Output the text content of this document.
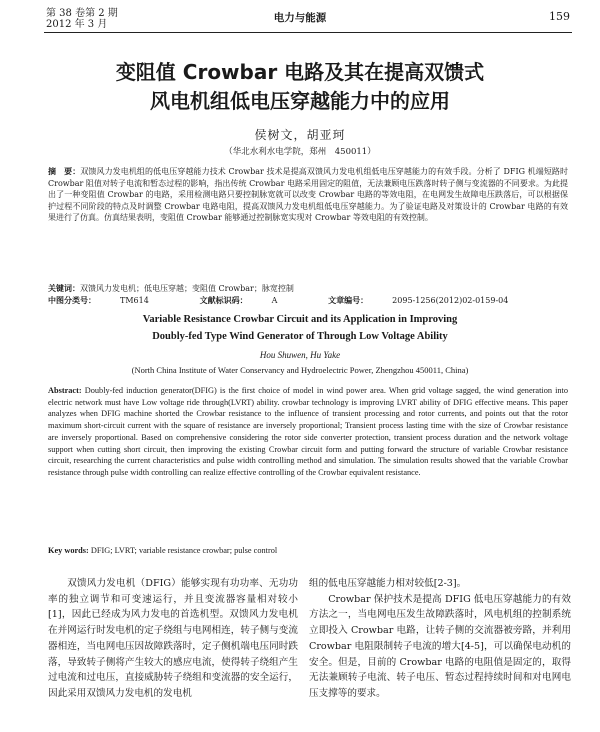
第 38 卷第 2 期
2012 年 3 月
电力与能源	159
变阻值 Crowbar 电路及其在提高双馈式
风电机组低电压穿越能力中的应用
侯树文，胡亚珂
（华北水利水电学院，郑州　450011）
摘　要：双馈风力发电机组的低电压穿越能力技术 Crowbar 技术是提高双馈风力发电机组低电压穿越能力的有效手段。分析了 DFIG 机端短路时 Crowbar 阻值对转子电流和暂态过程的影响，指出传统 Crowbar 电路采用固定的阻值，无法兼顾电压跌落时转子侧与变流器的不同要求。为此提出了一种变阻值 Crowbar 的电路，采用检测电路只要控制脉宽就可以改变 Crowbar 电路的等效电阻，在电网发生故障电压跌落后，可以根据保护过程不同阶段的特点及时调整 Crowbar 电路电阻，提高双馈风力发电机组低电压穿越能力。为了验证电路及对策设计的 Crowbar 电路的有效果进行了仿真。仿真结果表明，变阻值 Crowbar 能够通过控制脉宽实现对 Crowbar 等效电阻的有效控制。
关键词：双馈风力发电机；低电压穿越；变阻值 Crowbar；脉宽控制
中图分类号：	TM614	文献标识码：	A	文章编号：	2095-1256(2012)02-0159-04
Variable Resistance Crowbar Circuit and its Application in Improving
Doubly-fed Type Wind Generator of Through Low Voltage Ability
Hou Shuwen, Hu Yake
(North China Institute of Water Conservancy and Hydroelectric Power, Zhengzhou 450011, China)
Abstract: Doubly-fed induction generator(DFIG) is the first choice of model in wind power area. When grid voltage sagged, the wind generation into electric network must have Low voltage ride through(LVRT) ability. crowbar technology is improving LVRT ability of DFIG effective means. This paper analyzes when DFIG machine shorted the Crowbar resistance to the influence of transient processing and rotor currents, and points out that the rotor maximum short-circuit current with the square of resistance are inversely proportional; Transient process lasting time with the size of Crowbar resistance are inversely proportional. Based on comprehensive considering the rotor side converter protection, transient process duration and the network voltage support when cutting short circuit, then improving the existing Crowbar circuit form and putting forward the structure of variable Crowbar resistance circuit, researching the current characteristics and pulse width controlling method and simulation. The simulation results showed that the variable Crowbar resistance through pulse width controlling can realize effective controlling of the Crowbar equivalent resistance.
Key words: DFIG; LVRT; variable resistance crowbar; pulse control

双馈风力发电机（DFIG）能够实现有功功率、无功功率的独立调节和可变速运行，并且变流器容量相对较小[1]，因此已经成为风力发电的首选机型。双馈风力发电机在并网运行时发电机的定子绕组与电网相连，转子侧与变流器相连，当电网电压因故障跌落时，定子侧机端电压同时跌落，导致转子侧将产生较大的感应电流，使得转子绕组产生过电流和过电压，直接威胁转子绕组和变流器的安全运行，因此采用双馈风力发电机的发电机

组的低电压穿越能力相对较低[2-3]。

Crowbar 保护技术是提高 DFIG 低电压穿越能力的有效方法之一，当电网电压发生故障跌落时，风电机组的控制系统立即投入 Crowbar 电路，让转子侧的交流器被旁路，并利用 Crowbar 电阻限制转子电流的增大[4-5]，可以确保电动机的安全。但是，目前的 Crowbar 电路的电阻值是固定的，取得无法兼顾转子电流、转子电压、暂态过程持续时间和对电网电压支撑等的要求。
